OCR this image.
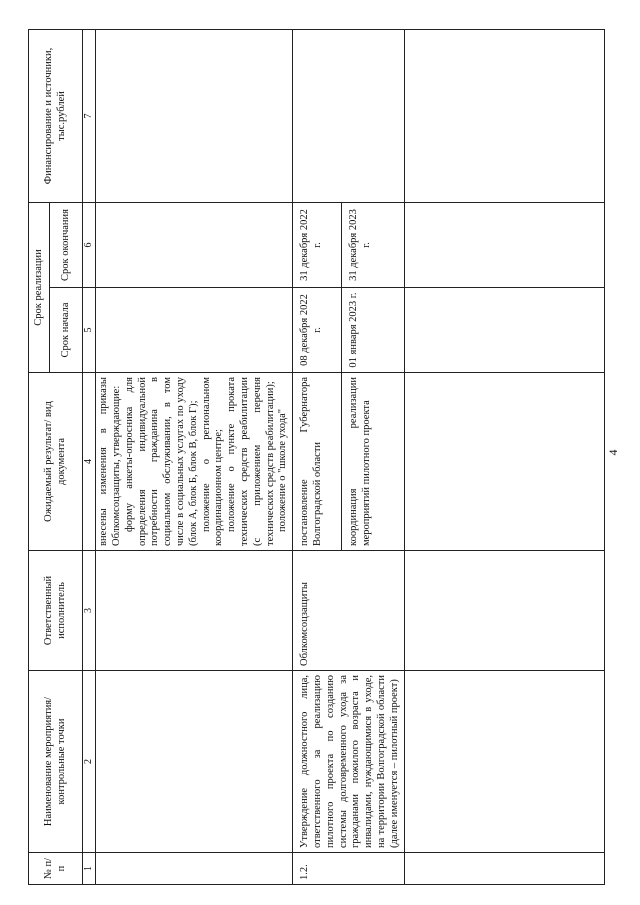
4
№ п/п	Наименование мероприятия/ контрольные точки	Ответственный исполнитель	Ожидаемый результат/ вид документа	Срок реализации		Финансирование и источники, тыс.рублей
				Срок начала	Срок окончания	
1	2	3	4	5	6	7

			внесены изменения в приказы Облкомсоцзащиты, утверждающие: форму анкеты-опросника для определения индивидуальной потребности гражданина в социальном обслуживании, в том числе в социальных услугах по уходу (блок А, блок Б, блок В, блок Г); положение о региональном координационном центре; положение о пункте проката технических средств реабилитации (с приложением перечня технических средств реабилитации); положение о "школе ухода"			

1.2.	Утверждение должностного лица, ответственного за реализацию пилотного проекта по созданию системы долговременного ухода за гражданами пожилого возраста и инвалидами, нуждающимися в уходе, на территории Волгоградской области (далее именуется – пилотный проект)	Облкомсоцзащиты	постановление Губернатора Волгоградской области	08 декабря 2022 г.	31 декабря 2022 г.	
			координация реализации мероприятий пилотного проекта	01 января 2023 г.	31 декабря 2023 г.	
